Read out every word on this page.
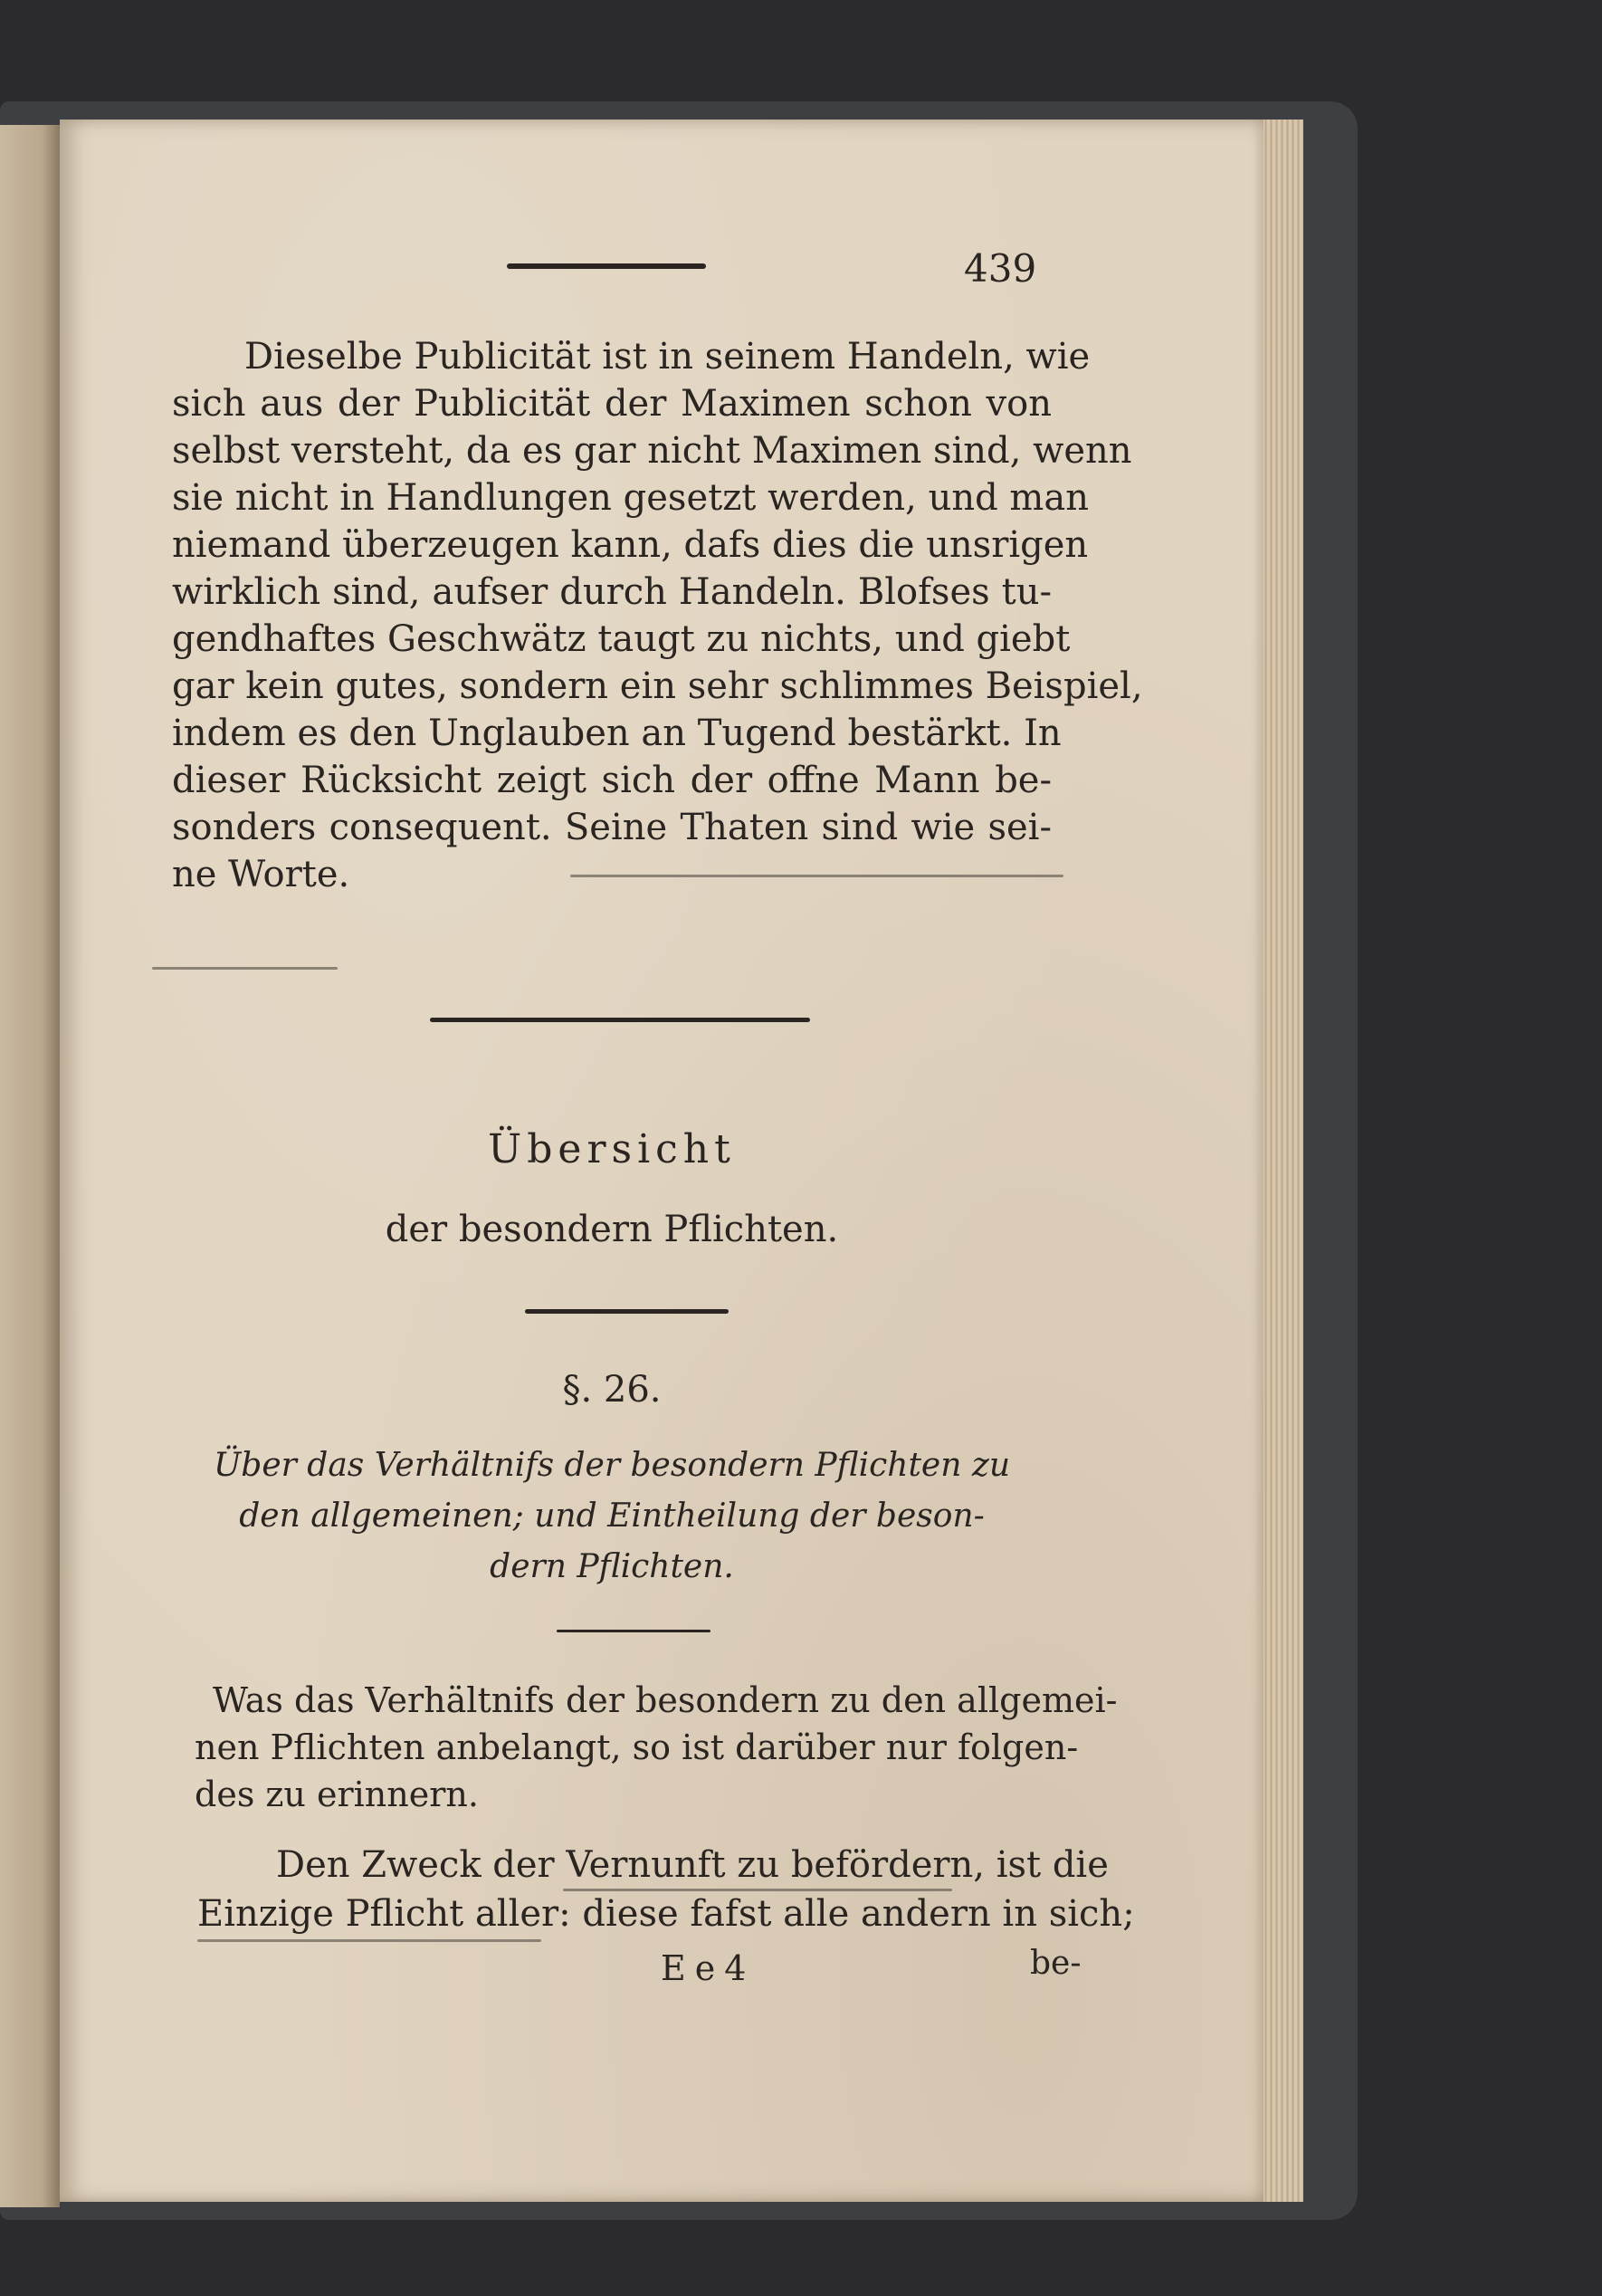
439
Dieselbe Publicität ist in seinem Handeln, wie
sich aus der Publicität der Maximen schon von
selbst versteht, da es gar nicht Maximen sind, wenn
sie nicht in Handlungen gesetzt werden, und man
niemand überzeugen kann, dafs dies die unsrigen
wirklich sind, aufser durch Handeln. Blofses tu-
gendhaftes Geschwätz taugt zu nichts, und giebt
gar kein gutes, sondern ein sehr schlimmes Beispiel,
indem es den Unglauben an Tugend bestärkt. In
dieser Rücksicht zeigt sich der offne Mann be-
sonders consequent. Seine Thaten sind wie sei-
ne Worte.
Übersicht
der besondern Pflichten.
§. 26.
Über das Verhältnifs der besondern Pflichten zu
den allgemeinen; und Eintheilung der beson-
dern Pflichten.
Was das Verhältnifs der besondern zu den allgemei-
nen Pflichten anbelangt, so ist darüber nur folgen-
des zu erinnern.
Den Zweck der Vernunft zu befördern, ist die
Einzige Pflicht aller: diese fafst alle andern in sich;
Ee4	be-
